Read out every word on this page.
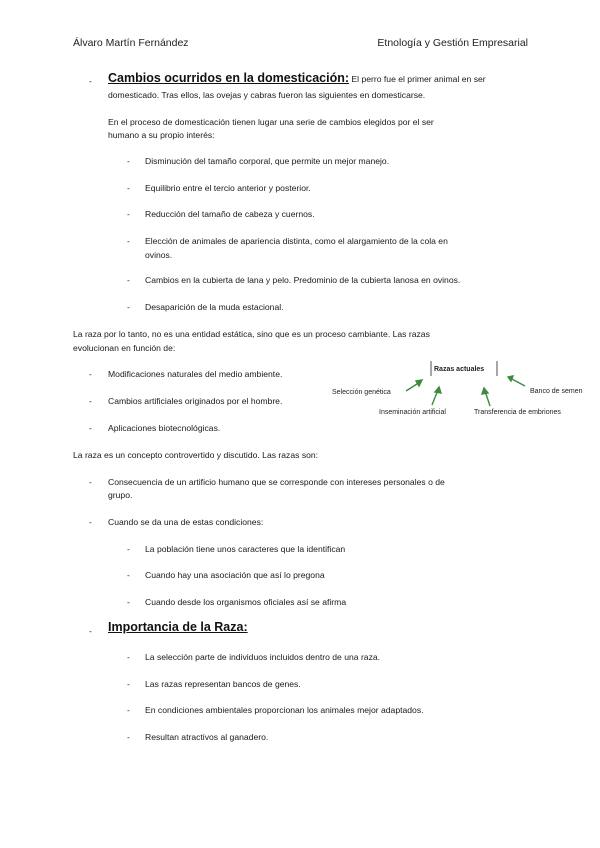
Álvaro Martín Fernández	Etnología y Gestión Empresarial
- Cambios ocurridos en la domesticación: El perro fue el primer animal en ser
domesticado. Tras ellos, las ovejas y cabras fueron las siguientes en domesticarse.
En el proceso de domesticación tienen lugar una serie de cambios elegidos por el ser
humano a su propio interés:
- Disminución del tamaño corporal, que permite un mejor manejo.
- Equilibrio entre el tercio anterior y posterior.
- Reducción del tamaño de cabeza y cuernos.
- Elección de animales de apariencia distinta, como el alargamiento de la cola en
ovinos.
- Cambios en la cubierta de lana y pelo. Predominio de la cubierta lanosa en ovinos.
- Desaparición de la muda estacional.
La raza por lo tanto, no es una entidad estática, sino que es un proceso cambiante. Las razas
evolucionan en función de:
- Modificaciones naturales del medio ambiente.
- Cambios artificiales originados por el hombre.
- Aplicaciones biotecnológicas.
Razas actuales
Selección genética	Banco de semen
Inseminación artificial	Transferencia de embriones
La raza es un concepto controvertido y discutido. Las razas son:
- Consecuencia de un artificio humano que se corresponde con intereses personales o de
grupo.
- Cuando se da una de estas condiciones:
- La población tiene unos caracteres que la identifican
- Cuando hay una asociación que así lo pregona
- Cuando desde los organismos oficiales así se afirma
- Importancia de la Raza:
- La selección parte de individuos incluidos dentro de una raza.
- Las razas representan bancos de genes.
- En condiciones ambientales proporcionan los animales mejor adaptados.
- Resultan atractivos al ganadero.
